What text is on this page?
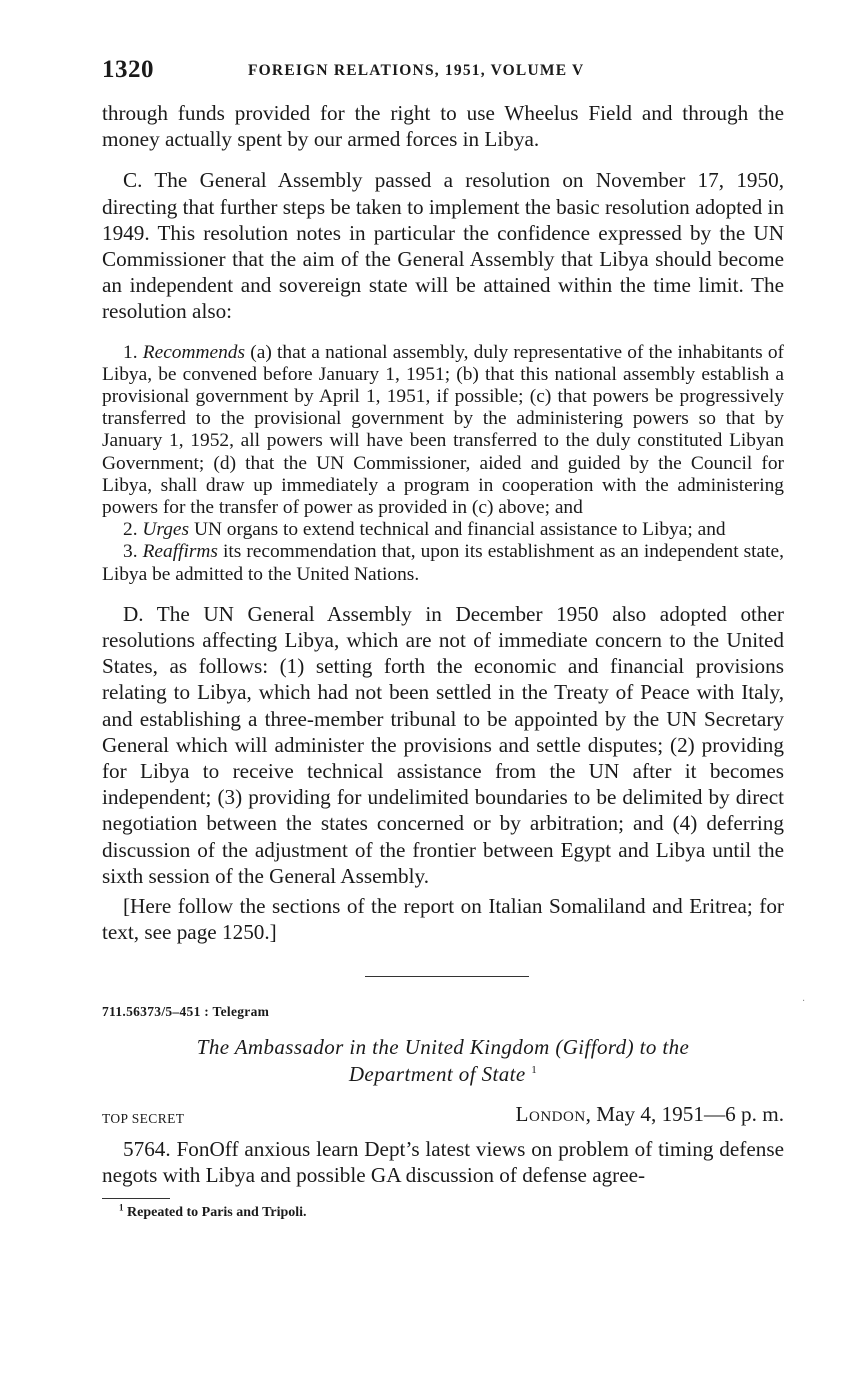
1320	FOREIGN RELATIONS, 1951, VOLUME V

through funds provided for the right to use Wheelus Field and through the money actually spent by our armed forces in Libya.

C. The General Assembly passed a resolution on November 17, 1950, directing that further steps be taken to implement the basic resolution adopted in 1949. This resolution notes in particular the confidence expressed by the UN Commissioner that the aim of the General Assembly that Libya should become an independent and sovereign state will be attained within the time limit. The resolution also:

1. Recommends (a) that a national assembly, duly representative of the inhabitants of Libya, be convened before January 1, 1951; (b) that this national assembly establish a provisional government by April 1, 1951, if possible; (c) that powers be progressively transferred to the provisional government by the administering powers so that by January 1, 1952, all powers will have been transferred to the duly constituted Libyan Government; (d) that the UN Commissioner, aided and guided by the Council for Libya, shall draw up immediately a program in cooperation with the administering powers for the transfer of power as provided in (c) above; and

2. Urges UN organs to extend technical and financial assistance to Libya; and

3. Reaffirms its recommendation that, upon its establishment as an independent state, Libya be admitted to the United Nations.

D. The UN General Assembly in December 1950 also adopted other resolutions affecting Libya, which are not of immediate concern to the United States, as follows: (1) setting forth the economic and financial provisions relating to Libya, which had not been settled in the Treaty of Peace with Italy, and establishing a three-member tribunal to be appointed by the UN Secretary General which will administer the provisions and settle disputes; (2) providing for Libya to receive technical assistance from the UN after it becomes independent; (3) providing for undelimited boundaries to be delimited by direct negotiation between the states concerned or by arbitration; and (4) deferring discussion of the adjustment of the frontier between Egypt and Libya until the sixth session of the General Assembly.

[Here follow the sections of the report on Italian Somaliland and Eritrea; for text, see page 1250.]

711.56373/5–451 : Telegram
The Ambassador in the United Kingdom (Gifford) to the
Department of State $^1$
TOP SECRET	London, May 4, 1951—6 p. m.

5764. FonOff anxious learn Dept’s latest views on problem of timing defense negots with Libya and possible GA discussion of defense agree-

$^1$ Repeated to Paris and Tripoli.
·
